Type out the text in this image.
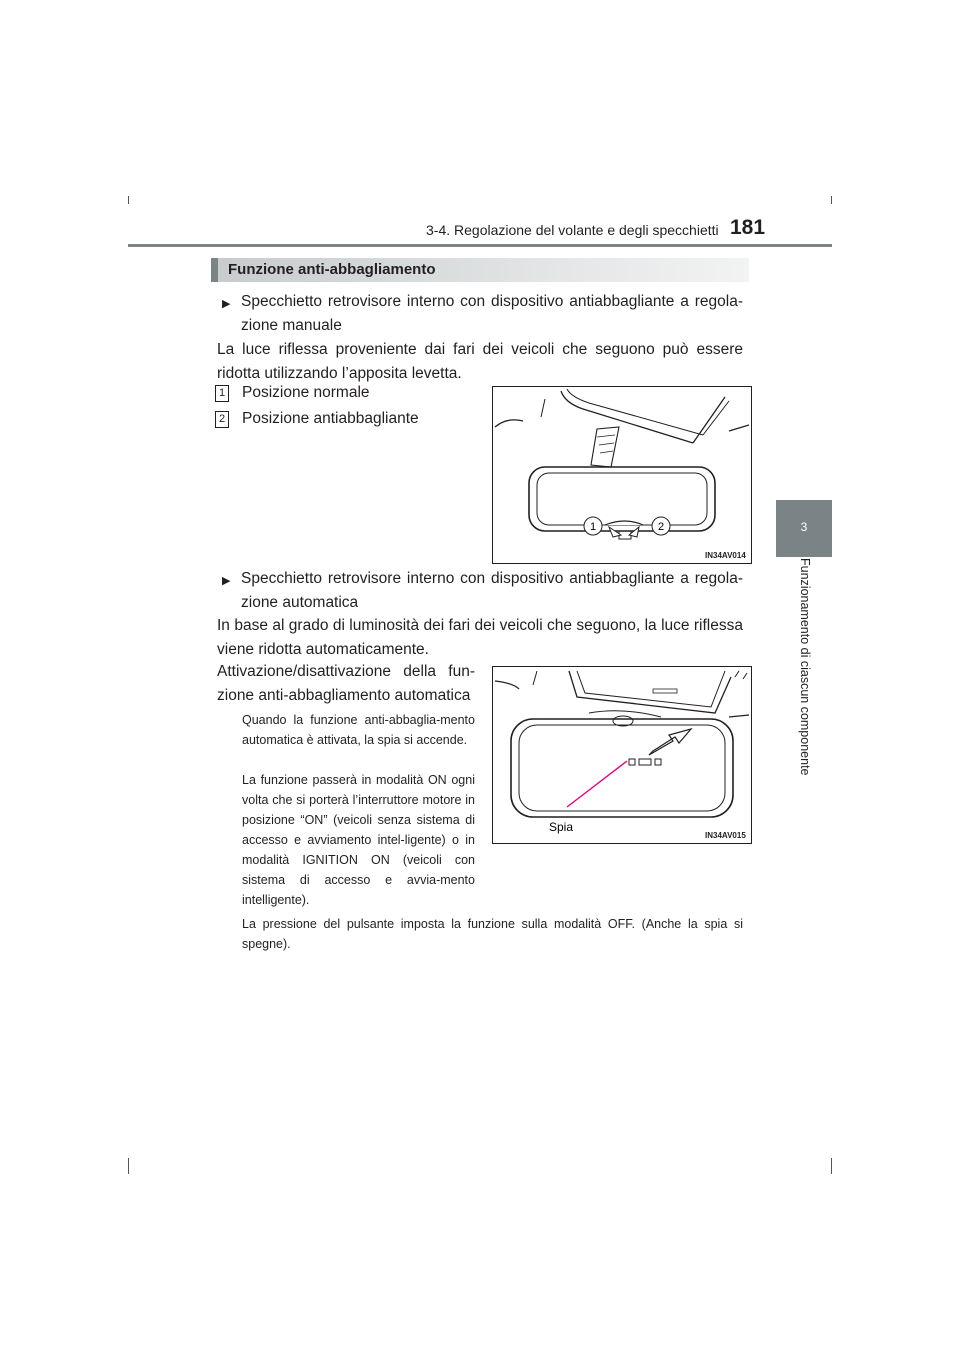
3-4. Regolazione del volante e degli specchietti 181
3
Funzionamento di ciascun componente
Funzione anti-abbagliamento
▶ Specchietto retrovisore interno con dispositivo antiabbagliante a regola-zione manuale
La luce riflessa proveniente dai fari dei veicoli che seguono può essere ridotta utilizzando l’apposita levetta.
1 Posizione normale
2 Posizione antiabbagliante
1	2
IN34AV014
▶ Specchietto retrovisore interno con dispositivo antiabbagliante a regola-zione automatica
In base al grado di luminosità dei fari dei veicoli che seguono, la luce riflessa viene ridotta automaticamente.
Attivazione/disattivazione della fun-zione anti-abbagliamento automatica
Quando la funzione anti-abbaglia-mento automatica è attivata, la spia si accende.
La funzione passerà in modalità ON ogni volta che si porterà l’interruttore motore in posizione “ON” (veicoli senza sistema di accesso e avviamento intel-ligente) o in modalità IGNITION ON (veicoli con sistema di accesso e avvia-mento intelligente).
La pressione del pulsante imposta la funzione sulla modalità OFF. (Anche la spia si spegne).
Spia
IN34AV015
